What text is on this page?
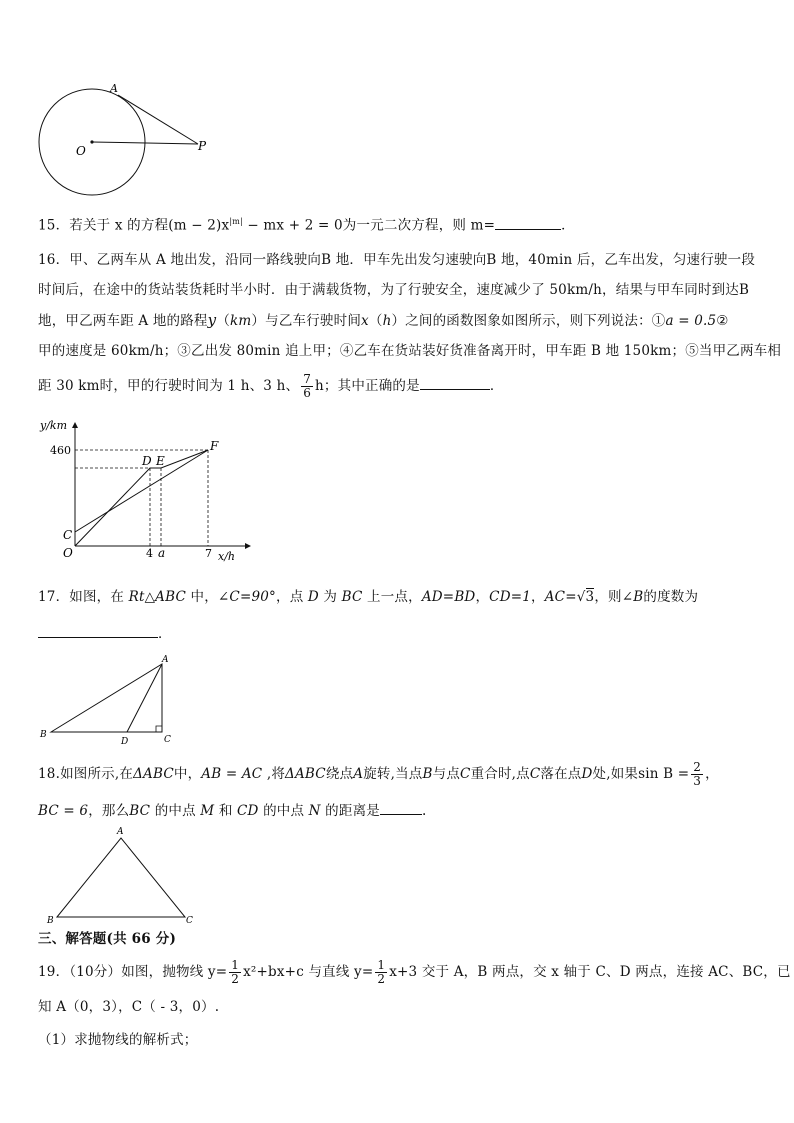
A
O	P
15．若关于 x 的方程$(m - 2)x^{|m|}$ − mx + 2 = 0为一元二次方程，则 m=	．
16．甲、乙两车从 A 地出发，沿同一路线驶向B 地．甲车先出发匀速驶向B 地，40min 后，乙车出发，匀速行驶一段
时间后，在途中的货站装货耗时半小时．由于满载货物，为了行驶安全，速度减少了 50km/h，结果与甲车同时到达B
地，甲乙两车距 A 地的路程y（km）与乙车行驶时间x（h）之间的函数图象如图所示，则下列说法：①a = 0.5②
甲的速度是 60km/h；③乙出发 80min 追上甲；④乙车在货站装好货准备离开时，甲车距 B 地 150km；⑤当甲乙两车相
距 30 km时，甲的行驶时间为 1 h、3 h、 $\frac{7}{6}$ h；其中正确的是	．
y/km
460
O
C
D E
F
4 a	7 x/h
17．如图，在 Rt△ABC 中，∠C=90°，点 D 为 BC 上一点，AD=BD，CD=1，AC=√3，则∠B的度数为
．
A
B
D	C
18.如图所示,在ΔABC中，AB = AC ,将ΔABC绕点A旋转,当点B与点C重合时,点C落在点D处,如果$\sin B = \frac{2}{3}$ ，
BC = 6，那么BC 的中点 M 和 CD 的中点 N 的距离是	.
A
B	C
三、解答题(共 66 分)
19．（10分）如图，抛物线 $y= \frac{1}{2} x^2+bx+c$ 与直线 $y= \frac{1}{2} x+3$ 交于 A，B 两点，交 x 轴于 C、D 两点，连接 AC、BC，已
知 A（0，3），C（ - 3，0）.
（1）求抛物线的解析式；
